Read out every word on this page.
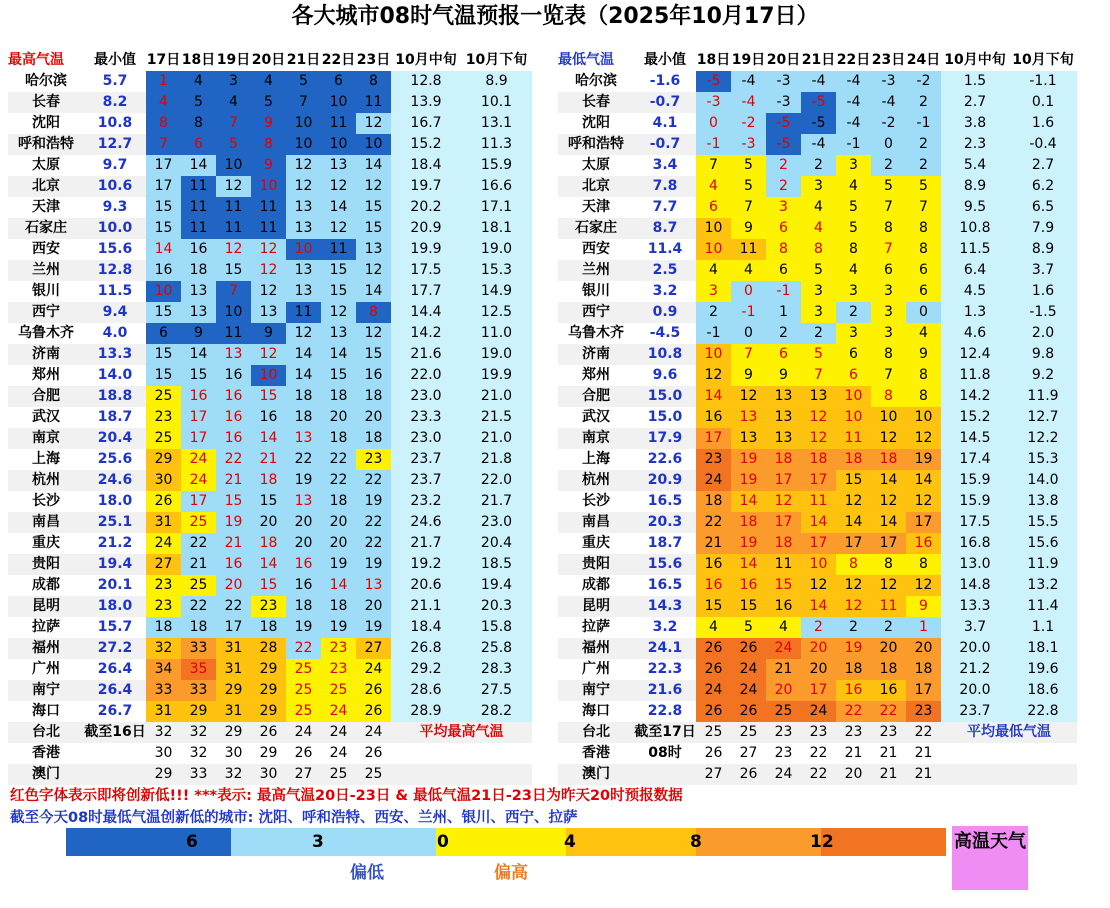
各大城市08时气温预报一览表（2025年10月17日）
最高气温	最小值	17日	18日	19日	20日	21日	22日	23日	10月中旬	10月下旬
哈尔滨	5.7	1	4	3	4	5	6	8	12.8	8.9
长春	8.2	4	5	4	5	7	10	11	13.9	10.1
沈阳	10.8	8	8	7	9	10	11	12	16.7	13.1
呼和浩特	12.7	7	6	5	8	10	10	10	15.2	11.3
太原	9.7	17	14	10	9	12	13	14	18.4	15.9
北京	10.6	17	11	12	10	12	12	12	19.7	16.6
天津	9.3	15	11	11	11	13	14	15	20.2	17.1
石家庄	10.0	15	11	11	11	13	12	15	20.9	18.1
西安	15.6	14	16	12	12	10	11	13	19.9	19.0
兰州	12.8	16	18	15	12	13	15	12	17.5	15.3
银川	11.5	10	13	7	12	13	15	14	17.7	14.9
西宁	9.4	15	13	10	13	11	12	8	14.4	12.5
乌鲁木齐	4.0	6	9	11	9	12	13	12	14.2	11.0
济南	13.3	15	14	13	12	14	14	15	21.6	19.0
郑州	14.0	15	15	16	10	14	15	16	22.0	19.9
合肥	18.8	25	16	16	15	18	18	18	23.0	21.0
武汉	18.7	23	17	16	16	18	20	20	23.3	21.5
南京	20.4	25	17	16	14	13	18	18	23.0	21.0
上海	25.6	29	24	22	21	22	22	23	23.7	21.8
杭州	24.6	30	24	21	18	19	22	22	23.7	22.0
长沙	18.0	26	17	15	15	13	18	19	23.2	21.7
南昌	25.1	31	25	19	20	20	20	22	24.6	23.0
重庆	21.2	24	22	21	18	20	20	22	21.7	20.4
贵阳	19.4	27	21	16	14	16	19	19	19.2	18.5
成都	20.1	23	25	20	15	16	14	13	20.6	19.4
昆明	18.0	23	22	22	23	18	18	20	21.1	20.3
拉萨	15.7	18	18	17	18	19	19	19	18.4	15.8
福州	27.2	32	33	31	28	22	23	27	26.8	25.8
广州	26.4	34	35	31	29	25	23	24	29.2	28.3
南宁	26.4	33	33	29	29	25	25	26	28.6	27.5
海口	26.7	31	29	31	29	25	24	26	28.9	28.2
台北	截至16日	32	32	29	26	24	24	24	平均最高气温	
香港		30	32	30	29	26	24	26		
澳门		29	33	32	30	27	25	25		
最低气温	最小值	18日	19日	20日	21日	22日	23日	24日	10月中旬	10月下旬
哈尔滨	-1.6	-5	-4	-3	-4	-4	-3	-2	1.5	-1.1
长春	-0.7	-3	-4	-3	-5	-4	-4	2	2.7	0.1
沈阳	4.1	0	-2	-5	-5	-4	-2	-1	3.8	1.6
呼和浩特	-0.7	-1	-3	-5	-4	-1	0	2	2.3	-0.4
太原	3.4	7	5	2	2	3	2	2	5.4	2.7
北京	7.8	4	5	2	3	4	5	5	8.9	6.2
天津	7.7	6	7	3	4	5	7	7	9.5	6.5
石家庄	8.7	10	9	6	4	5	8	8	10.8	7.9
西安	11.4	10	11	8	8	8	7	8	11.5	8.9
兰州	2.5	4	4	6	5	4	6	6	6.4	3.7
银川	3.2	3	0	-1	3	3	3	6	4.5	1.6
西宁	0.9	2	-1	1	3	2	3	0	1.3	-1.5
乌鲁木齐	-4.5	-1	0	2	2	3	3	4	4.6	2.0
济南	10.8	10	7	6	5	6	8	9	12.4	9.8
郑州	9.6	12	9	9	7	6	7	8	11.8	9.2
合肥	15.0	14	12	13	13	10	8	8	14.2	11.9
武汉	15.0	16	13	13	12	10	10	10	15.2	12.7
南京	17.9	17	13	13	12	11	12	12	14.5	12.2
上海	22.6	23	19	18	18	18	18	19	17.4	15.3
杭州	20.9	24	19	17	17	15	14	14	15.9	14.0
长沙	16.5	18	14	12	11	12	12	12	15.9	13.8
南昌	20.3	22	18	17	14	14	14	17	17.5	15.5
重庆	18.7	21	19	18	17	17	17	16	16.8	15.6
贵阳	15.6	16	14	11	10	8	8	8	13.0	11.9
成都	16.5	16	16	15	12	12	12	12	14.8	13.2
昆明	14.3	15	15	16	14	12	11	9	13.3	11.4
拉萨	3.2	4	5	4	2	2	2	1	3.7	1.1
福州	24.1	26	26	24	20	19	20	20	20.0	18.1
广州	22.3	26	24	21	20	18	18	18	21.2	19.6
南宁	21.6	24	24	20	17	16	16	17	20.0	18.6
海口	22.8	26	26	25	24	22	22	23	23.7	22.8
台北	截至17日	25	25	23	23	23	23	22	平均最低气温	
香港	08时	26	27	23	22	21	21	21		
澳门		27	26	24	22	20	21	21		
红色字体表示即将创新低!!! ***表示: 最高气温20日-23日 & 最低气温21日-23日为昨天20时预报数据
截至今天08时最低气温创新低的城市: 沈阳、呼和浩特、西安、兰州、银川、西宁、拉萨
6	3	0	4	8	12
偏低	偏高
高温天气
